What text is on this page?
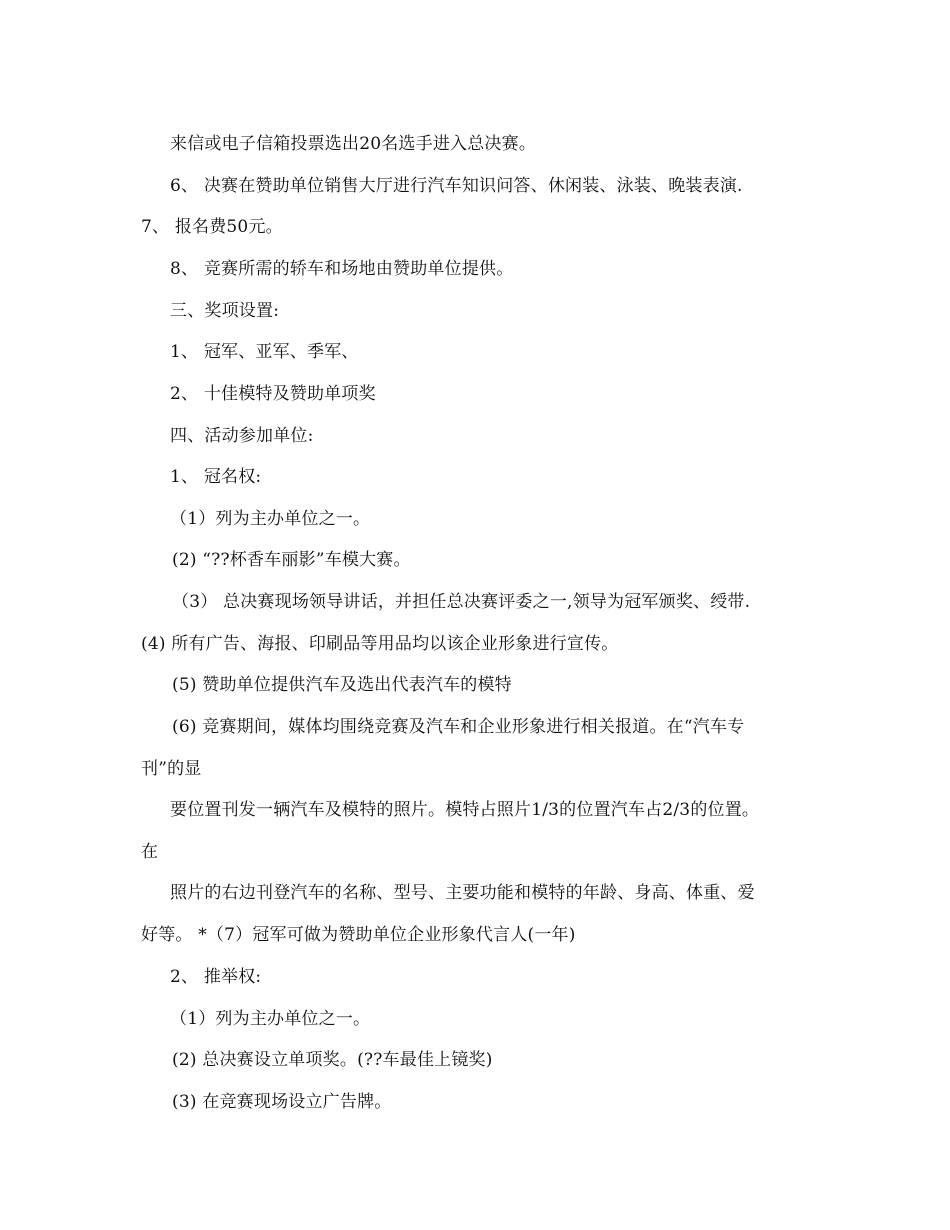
来信或电子信箱投票选出20名选手进入总决赛。
6、 决赛在赞助单位销售大厅进行汽车知识问答、休闲装、泳装、晚装表演.
7、 报名费50元。
8、 竞赛所需的轿车和场地由赞助单位提供。
三、奖项设置:
1、 冠军、亚军、季军、
2、 十佳模特及赞助单项奖
四、活动参加单位:
1、 冠名权:
（1）列为主办单位之一。
(2) “??杯香车丽影”车模大赛。
（3） 总决赛现场领导讲话，并担任总决赛评委之一,领导为冠军颁奖、绶带.
(4) 所有广告、海报、印刷品等用品均以该企业形象进行宣传。
(5) 赞助单位提供汽车及选出代表汽车的模特
(6) 竞赛期间，媒体均围绕竞赛及汽车和企业形象进行相关报道。在“汽车专
刊”的显
要位置刊发一辆汽车及模特的照片。模特占照片1/3的位置汽车占2/3的位置。
在
照片的右边刊登汽车的名称、型号、主要功能和模特的年龄、身高、体重、爱
好等。 *（7）冠军可做为赞助单位企业形象代言人(一年)
2、 推举权:
（1）列为主办单位之一。
(2) 总决赛设立单项奖。(??车最佳上镜奖)
(3) 在竞赛现场设立广告牌。
